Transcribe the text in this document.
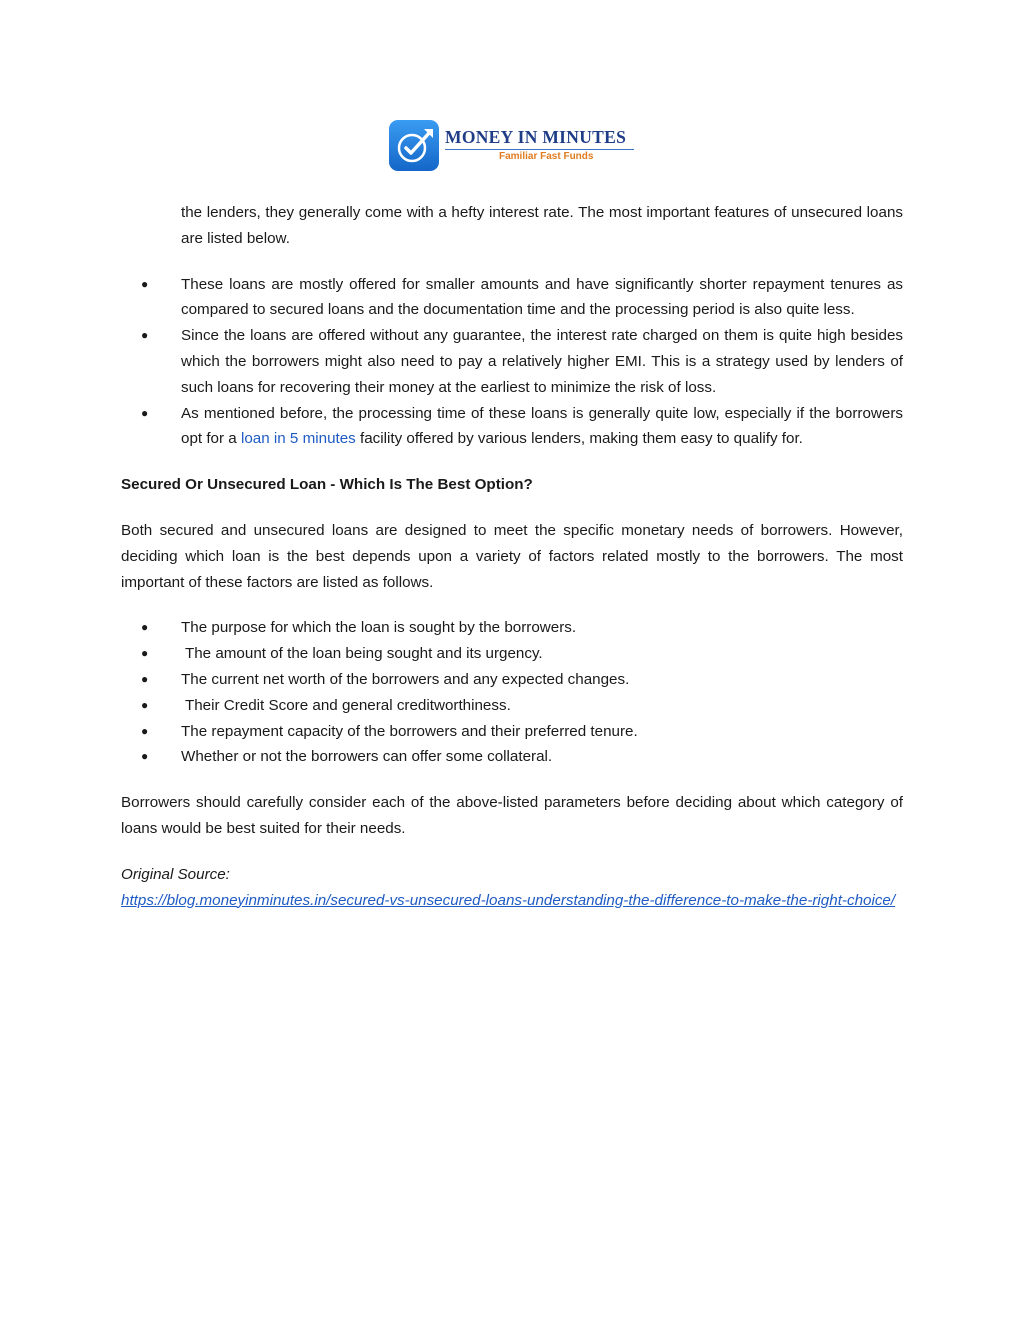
MONEY IN MINUTES
Familiar Fast Funds

the lenders, they generally come with a hefty interest rate. The most important features of unsecured loans are listed below.

● These loans are mostly offered for smaller amounts and have significantly shorter repayment tenures as compared to secured loans and the documentation time and the processing period is also quite less.
● Since the loans are offered without any guarantee, the interest rate charged on them is quite high besides which the borrowers might also need to pay a relatively higher EMI. This is a strategy used by lenders of such loans for recovering their money at the earliest to minimize the risk of loss.
● As mentioned before, the processing time of these loans is generally quite low, especially if the borrowers opt for a loan in 5 minutes facility offered by various lenders, making them easy to qualify for.

Secured Or Unsecured Loan - Which Is The Best Option?

Both secured and unsecured loans are designed to meet the specific monetary needs of borrowers. However, deciding which loan is the best depends upon a variety of factors related mostly to the borrowers. The most important of these factors are listed as follows.

● The purpose for which the loan is sought by the borrowers.
● The amount of the loan being sought and its urgency.
● The current net worth of the borrowers and any expected changes.
● Their Credit Score and general creditworthiness.
● The repayment capacity of the borrowers and their preferred tenure.
● Whether or not the borrowers can offer some collateral.

Borrowers should carefully consider each of the above-listed parameters before deciding about which category of loans would be best suited for their needs.

Original Source:

https://blog.moneyinminutes.in/secured-vs-unsecured-loans-understanding-the-difference-to-make-the-right-choice/
